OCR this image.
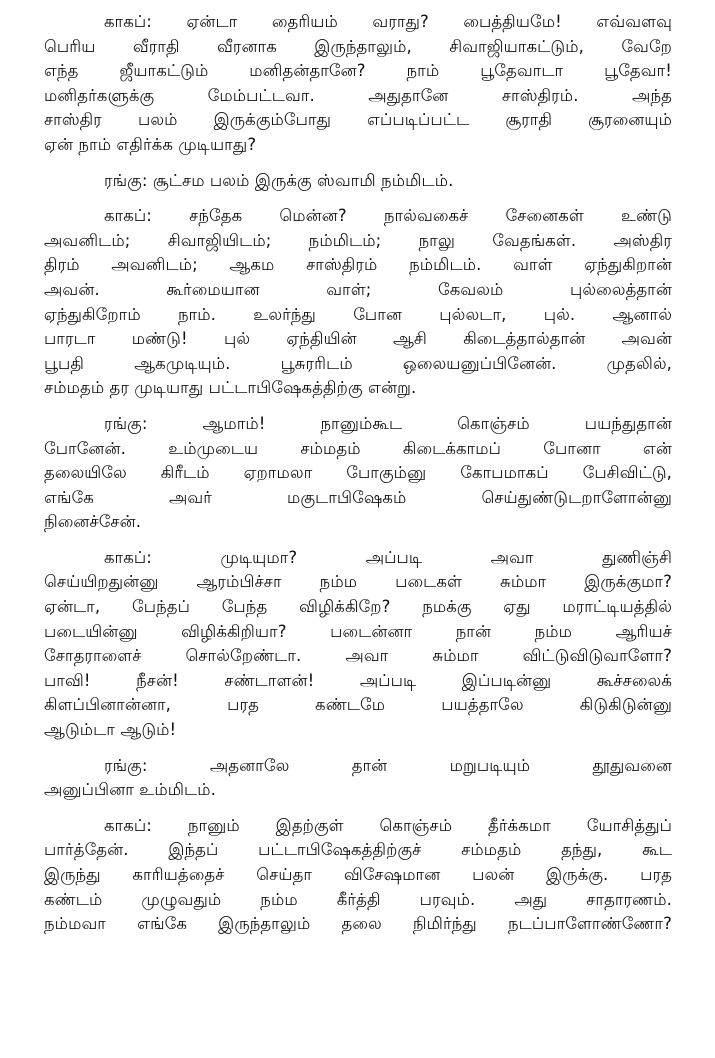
காகப்: ஏன்டா தைரியம் வராது? பைத்தியமே! எவ்வளவு
பெரிய வீராதி வீரனாக இருந்தாலும், சிவாஜியாகட்டும், வேறே
எந்த ஜீயாகட்டும் மனிதன்தானே? நாம் பூதேவாடா பூதேவா!
மனிதர்களுக்கு மேம்பட்டவா. அதுதானே சாஸ்திரம். அந்த
சாஸ்திர பலம் இருக்கும்போது எப்படிப்பட்ட சூராதி சூரனையும்
ஏன் நாம் எதிர்க்க முடியாது?

ரங்கு: சூட்சம பலம் இருக்கு ஸ்வாமி நம்மிடம்.

காகப்: சந்தேக மென்ன? நால்வகைச் சேனைகள் உண்டு
அவனிடம்; சிவாஜியிடம்; நம்மிடம்; நாலு வேதங்கள். அஸ்திர
திரம் அவனிடம்; ஆகம சாஸ்திரம் நம்மிடம். வாள் ஏந்துகிறான்
அவன். கூர்மையான வாள்; கேவலம் புல்லைத்தான்
ஏந்துகிறோம் நாம். உலர்ந்து போன புல்லடா, புல். ஆனால்
பாரடா மண்டு! புல் ஏந்தியின் ஆசி கிடைத்தால்தான் அவன்
பூபதி ஆகமுடியும். பூசுரரிடம் ஒலையனுப்பினேன். முதலில்,
சம்மதம் தர முடியாது பட்டாபிஷேகத்திற்கு என்று.

ரங்கு: ஆமாம்! நானும்கூட கொஞ்சம் பயந்துதான்
போனேன். உம்முடைய சம்மதம் கிடைக்காமப் போனா என்
தலையிலே கிரீடம் ஏறாமலா போகும்னு கோபமாகப் பேசிவிட்டு,
எங்கே அவர் மகுடாபிஷேகம் செய்துண்டுடறாளோன்னு
நினைச்சேன்.

காகப்: முடியுமா? அப்படி அவா துணிஞ்சி
செய்யிறதுன்னு ஆரம்பிச்சா நம்ம படைகள் சும்மா இருக்குமா?
ஏன்டா, பேந்தப் பேந்த விழிக்கிறே? நமக்கு ஏது மராட்டியத்தில்
படையின்னு விழிக்கிறியா? படைன்னா நான் நம்ம ஆரியச்
சோதராளைச் சொல்றேண்டா. அவா சும்மா விட்டுவிடுவாளோ?
பாவி! நீசன்! சண்டாளன்! அப்படி இப்படின்னு கூச்சலைக்
கிளப்பினான்னா, பரத கண்டமே பயத்தாலே கிடுகிடுன்னு
ஆடும்டா ஆடும்!

ரங்கு: அதனாலே தான் மறுபடியும் தூதுவனை
அனுப்பினா உம்மிடம்.

காகப்: நானும் இதற்குள் கொஞ்சம் தீர்க்கமா யோசித்துப்
பார்த்தேன். இந்தப் பட்டாபிஷேகத்திற்குச் சம்மதம் தந்து, கூட
இருந்து காரியத்தைச் செய்தா விசேஷமான பலன் இருக்கு. பரத
கண்டம் முழுவதும் நம்ம கீர்த்தி பரவும். அது சாதாரணம்.
நம்மவா எங்கே இருந்தாலும் தலை நிமிர்ந்து நடப்பாளோண்ணோ?
